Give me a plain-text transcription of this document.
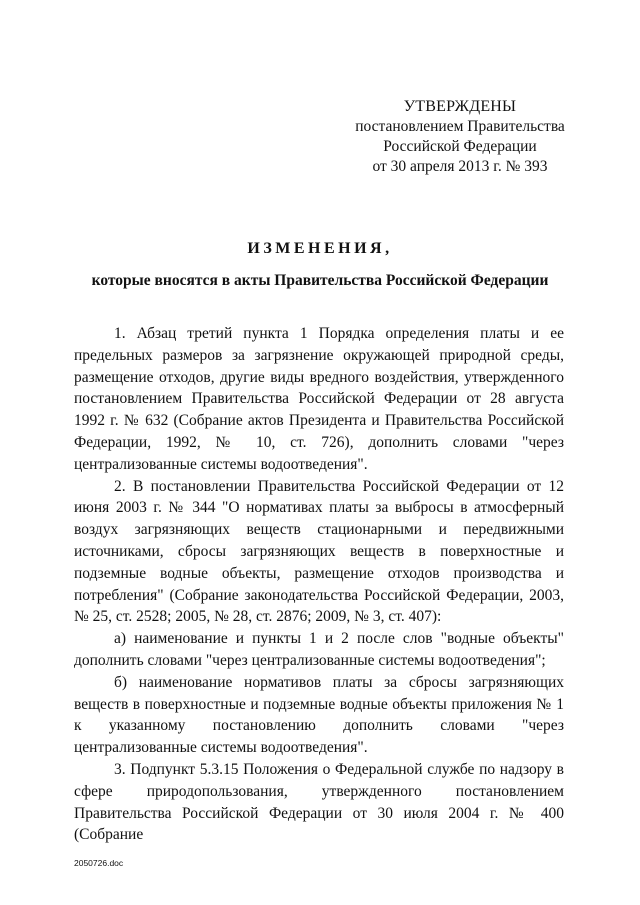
УТВЕРЖДЕНЫ
постановлением Правительства
Российской Федерации
от 30 апреля 2013 г. № 393
ИЗМЕНЕНИЯ,
которые вносятся в акты Правительства Российской Федерации

1. Абзац третий пункта 1 Порядка определения платы и ее предельных размеров за загрязнение окружающей природной среды, размещение отходов, другие виды вредного воздействия, утвержденного постановлением Правительства Российской Федерации от 28 августа 1992 г. № 632 (Собрание актов Президента и Правительства Российской Федерации, 1992, № 10, ст. 726), дополнить словами "через централизованные системы водоотведения".

2. В постановлении Правительства Российской Федерации от 12 июня 2003 г. № 344 "О нормативах платы за выбросы в атмосферный воздух загрязняющих веществ стационарными и передвижными источниками, сбросы загрязняющих веществ в поверхностные и подземные водные объекты, размещение отходов производства и потребления" (Собрание законодательства Российской Федерации, 2003, № 25, ст. 2528; 2005, № 28, ст. 2876; 2009, № 3, ст. 407):

а) наименование и пункты 1 и 2 после слов "водные объекты" дополнить словами "через централизованные системы водоотведения";

б) наименование нормативов платы за сбросы загрязняющих веществ в поверхностные и подземные водные объекты приложения № 1 к указанному постановлению дополнить словами "через централизованные системы водоотведения".

3. Подпункт 5.3.15 Положения о Федеральной службе по надзору в сфере природопользования, утвержденного постановлением Правительства Российской Федерации от 30 июля 2004 г. № 400 (Собрание

2050726.doc
